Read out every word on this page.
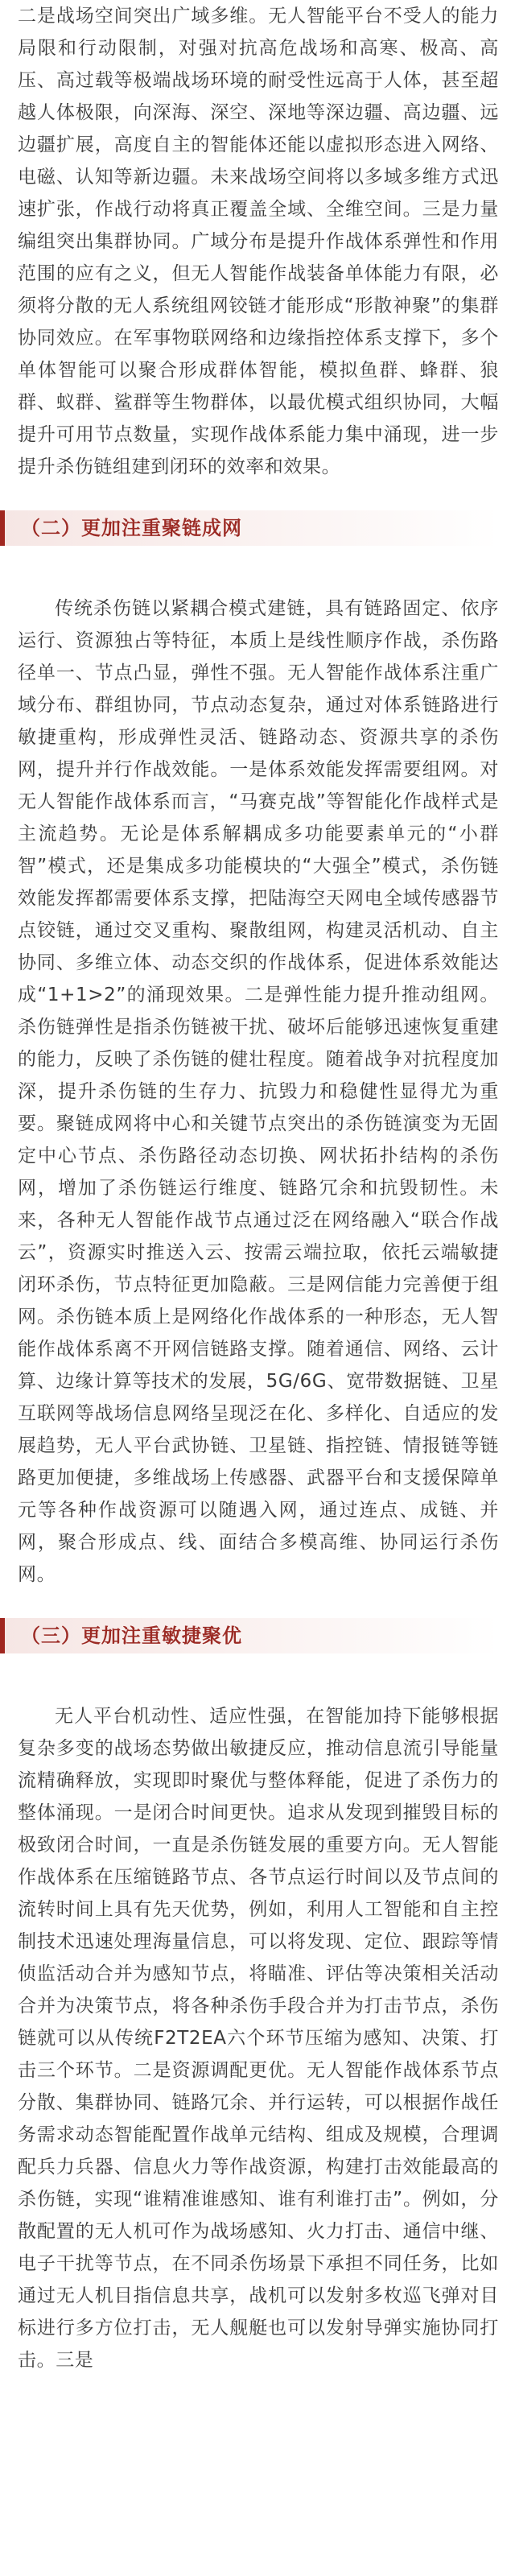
二是战场空间突出广域多维。无人智能平台不受人的能力局限和行动限制，对强对抗高危战场和高寒、极高、高压、高过载等极端战场环境的耐受性远高于人体，甚至超越人体极限，向深海、深空、深地等深边疆、高边疆、远边疆扩展，高度自主的智能体还能以虚拟形态进入网络、电磁、认知等新边疆。未来战场空间将以多域多维方式迅速扩张，作战行动将真正覆盖全域、全维空间。三是力量编组突出集群协同。广域分布是提升作战体系弹性和作用范围的应有之义，但无人智能作战装备单体能力有限，必须将分散的无人系统组网铰链才能形成“形散神聚”的集群协同效应。在军事物联网络和边缘指控体系支撑下，多个单体智能可以聚合形成群体智能，模拟鱼群、蜂群、狼群、蚁群、鲨群等生物群体，以最优模式组织协同，大幅提升可用节点数量，实现作战体系能力集中涌现，进一步提升杀伤链组建到闭环的效率和效果。

（二）更加注重聚链成网

传统杀伤链以紧耦合模式建链，具有链路固定、依序运行、资源独占等特征，本质上是线性顺序作战，杀伤路径单一、节点凸显，弹性不强。无人智能作战体系注重广域分布、群组协同，节点动态复杂，通过对体系链路进行敏捷重构，形成弹性灵活、链路动态、资源共享的杀伤网，提升并行作战效能。一是体系效能发挥需要组网。对无人智能作战体系而言，“马赛克战”等智能化作战样式是主流趋势。无论是体系解耦成多功能要素单元的“小群智”模式，还是集成多功能模块的“大强全”模式，杀伤链效能发挥都需要体系支撑，把陆海空天网电全域传感器节点铰链，通过交叉重构、聚散组网，构建灵活机动、自主协同、多维立体、动态交织的作战体系，促进体系效能达成“1+1>2”的涌现效果。二是弹性能力提升推动组网。杀伤链弹性是指杀伤链被干扰、破坏后能够迅速恢复重建的能力，反映了杀伤链的健壮程度。随着战争对抗程度加深，提升杀伤链的生存力、抗毁力和稳健性显得尤为重要。聚链成网将中心和关键节点突出的杀伤链演变为无固定中心节点、杀伤路径动态切换、网状拓扑结构的杀伤网，增加了杀伤链运行维度、链路冗余和抗毁韧性。未来，各种无人智能作战节点通过泛在网络融入“联合作战云”，资源实时推送入云、按需云端拉取，依托云端敏捷闭环杀伤，节点特征更加隐蔽。三是网信能力完善便于组网。杀伤链本质上是网络化作战体系的一种形态，无人智能作战体系离不开网信链路支撑。随着通信、网络、云计算、边缘计算等技术的发展，5G/6G、宽带数据链、卫星互联网等战场信息网络呈现泛在化、多样化、自适应的发展趋势，无人平台武协链、卫星链、指控链、情报链等链路更加便捷，多维战场上传感器、武器平台和支援保障单元等各种作战资源可以随遇入网，通过连点、成链、并网，聚合形成点、线、面结合多模高维、协同运行杀伤网。

（三）更加注重敏捷聚优

无人平台机动性、适应性强，在智能加持下能够根据复杂多变的战场态势做出敏捷反应，推动信息流引导能量流精确释放，实现即时聚优与整体释能，促进了杀伤力的整体涌现。一是闭合时间更快。追求从发现到摧毁目标的极致闭合时间，一直是杀伤链发展的重要方向。无人智能作战体系在压缩链路节点、各节点运行时间以及节点间的流转时间上具有先天优势，例如，利用人工智能和自主控制技术迅速处理海量信息，可以将发现、定位、跟踪等情侦监活动合并为感知节点，将瞄准、评估等决策相关活动合并为决策节点，将各种杀伤手段合并为打击节点，杀伤链就可以从传统F2T2EA六个环节压缩为感知、决策、打击三个环节。二是资源调配更优。无人智能作战体系节点分散、集群协同、链路冗余、并行运转，可以根据作战任务需求动态智能配置作战单元结构、组成及规模，合理调配兵力兵器、信息火力等作战资源，构建打击效能最高的杀伤链，实现“谁精准谁感知、谁有利谁打击”。例如，分散配置的无人机可作为战场感知、火力打击、通信中继、电子干扰等节点，在不同杀伤场景下承担不同任务，比如通过无人机目指信息共享，战机可以发射多枚巡飞弹对目标进行多方位打击，无人舰艇也可以发射导弹实施协同打击。三是
